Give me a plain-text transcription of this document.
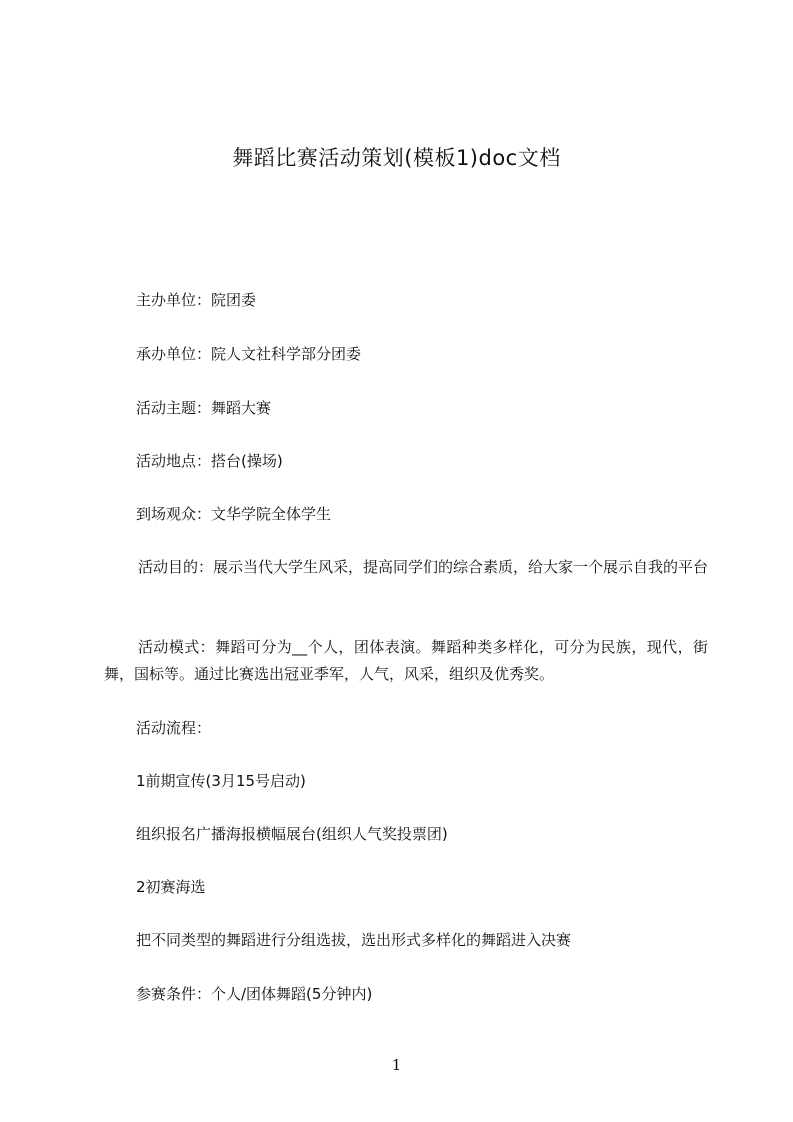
舞蹈比赛活动策划(模板1)doc文档

主办单位：院团委

承办单位：院人文社科学部分团委

活动主题：舞蹈大赛

活动地点：搭台(操场)

到场观众：文华学院全体学生

活动目的：展示当代大学生风采，提高同学们的综合素质，给大家一个展示自我的平台

活动模式：舞蹈可分为__个人，团体表演。舞蹈种类多样化，可分为民族，现代，街舞，国标等。通过比赛选出冠亚季军，人气，风采，组织及优秀奖。

活动流程：

1前期宣传(3月15号启动)

组织报名广播海报横幅展台(组织人气奖投票团)

2初赛海选

把不同类型的舞蹈进行分组选拔，选出形式多样化的舞蹈进入决赛

参赛条件：个人/团体舞蹈(5分钟内)

1
